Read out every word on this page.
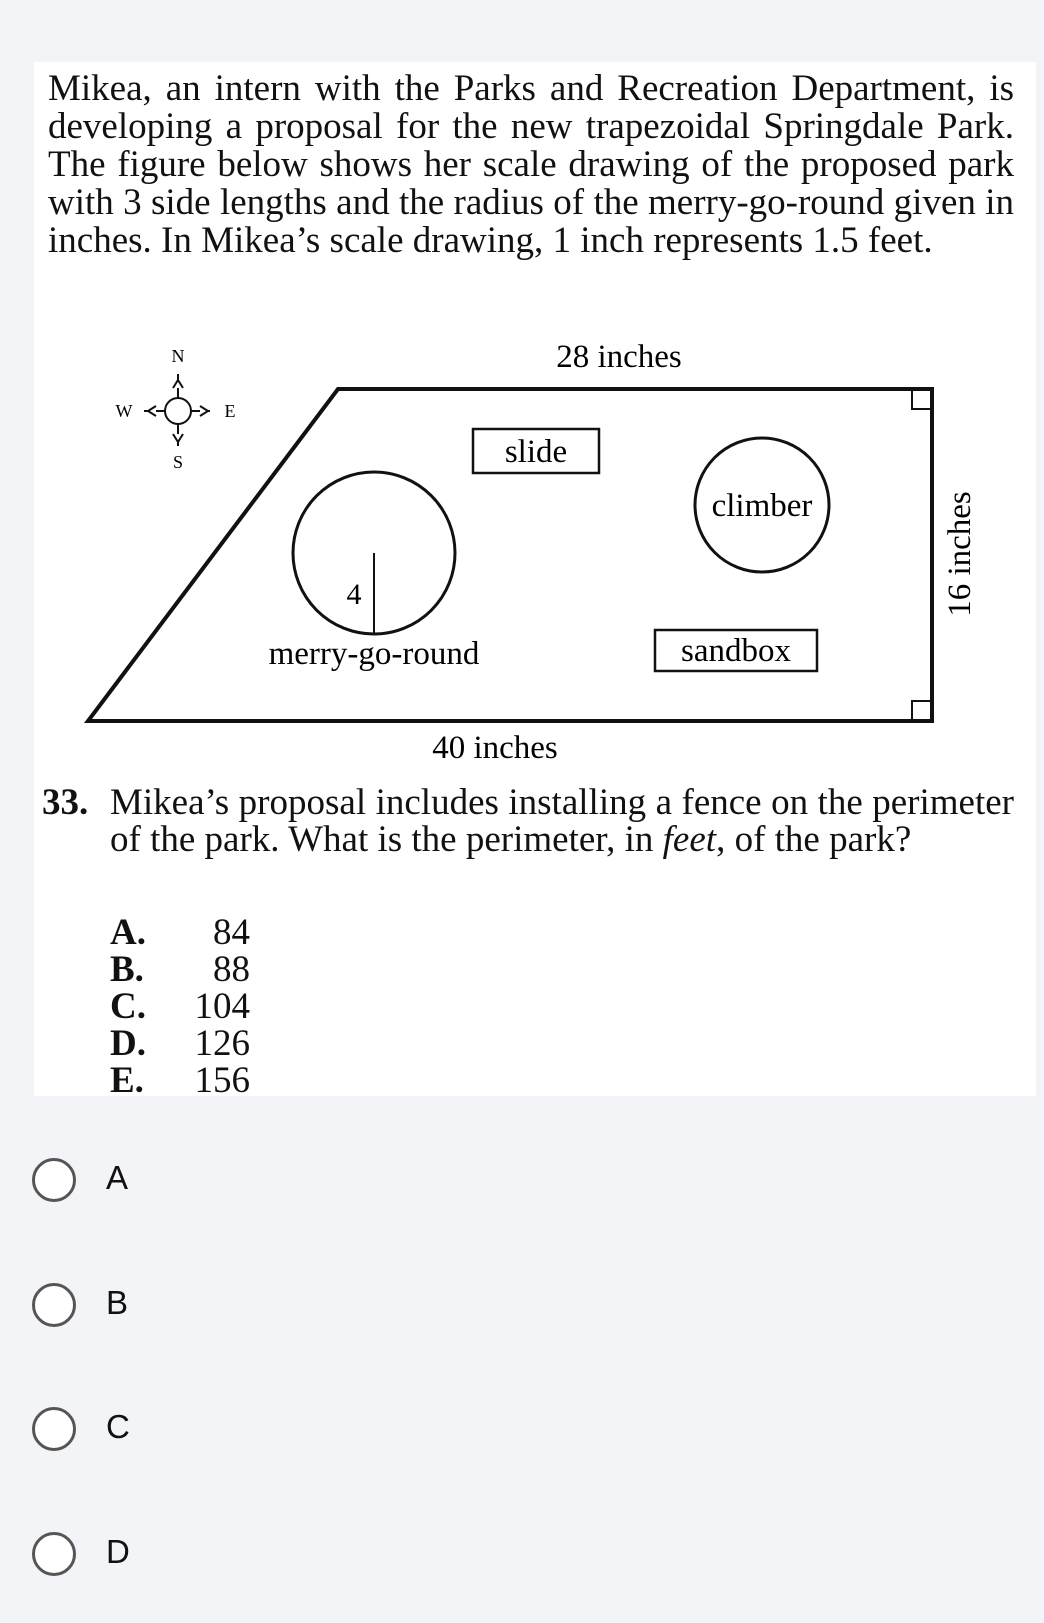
Mikea, an intern with the Parks and Recreation Department, is developing a proposal for the new trapezoidal Springdale Park. The figure below shows her scale drawing of the proposed park with 3 side lengths and the radius of the merry-go-round given in inches. In Mikea’s scale drawing, 1 inch represents 1.5 feet.

N
S
W	E
28 inches
40 inches
16 inches
slide
climber
4
merry-go-round	sandbox
33. Mikea’s proposal includes installing a fence on the perimeter of the park. What is the perimeter, in feet, of the park?

A. 84
B. 88
C. 104
D. 126
E. 156
A
B
C
D
